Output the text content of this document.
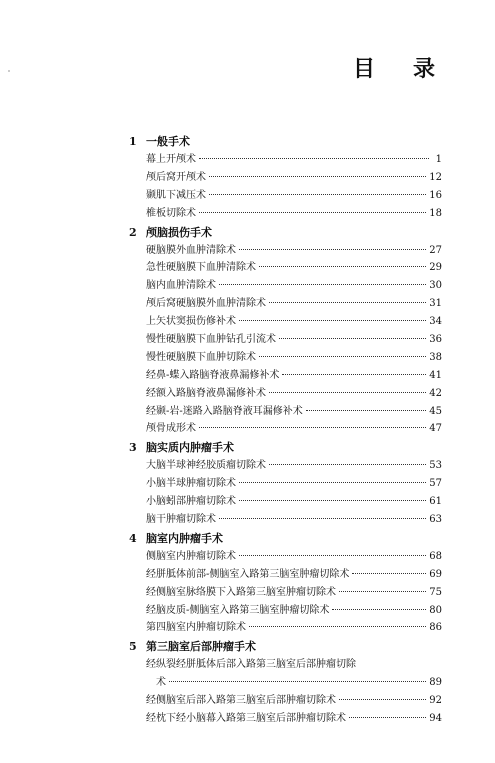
目 录
1 一般手术
幕上开颅术	1
颅后窝开颅术	12
颞肌下减压术	16
椎板切除术	18
2 颅脑损伤手术
硬脑膜外血肿清除术	27
急性硬脑膜下血肿清除术	29
脑内血肿清除术	30
颅后窝硬脑膜外血肿清除术	31
上矢状窦损伤修补术	34
慢性硬脑膜下血肿钻孔引流术	36
慢性硬脑膜下血肿切除术	38
经鼻-蝶入路脑脊液鼻漏修补术	41
经额入路脑脊液鼻漏修补术	42
经颞-岩-迷路入路脑脊液耳漏修补术	45
颅骨成形术	47
3 脑实质内肿瘤手术
大脑半球神经胶质瘤切除术	53
小脑半球肿瘤切除术	57
小脑蚓部肿瘤切除术	61
脑干肿瘤切除术	63
4 脑室内肿瘤手术
侧脑室内肿瘤切除术	68
经胼胝体前部-侧脑室入路第三脑室肿瘤切除术	69
经侧脑室脉络膜下入路第三脑室肿瘤切除术	75
经脑皮质-侧脑室入路第三脑室肿瘤切除术	80
第四脑室内肿瘤切除术	86
5 第三脑室后部肿瘤手术
经纵裂经胼胝体后部入路第三脑室后部肿瘤切除
术	89
经侧脑室后部入路第三脑室后部肿瘤切除术	92
经枕下经小脑幕入路第三脑室后部肿瘤切除术	94
